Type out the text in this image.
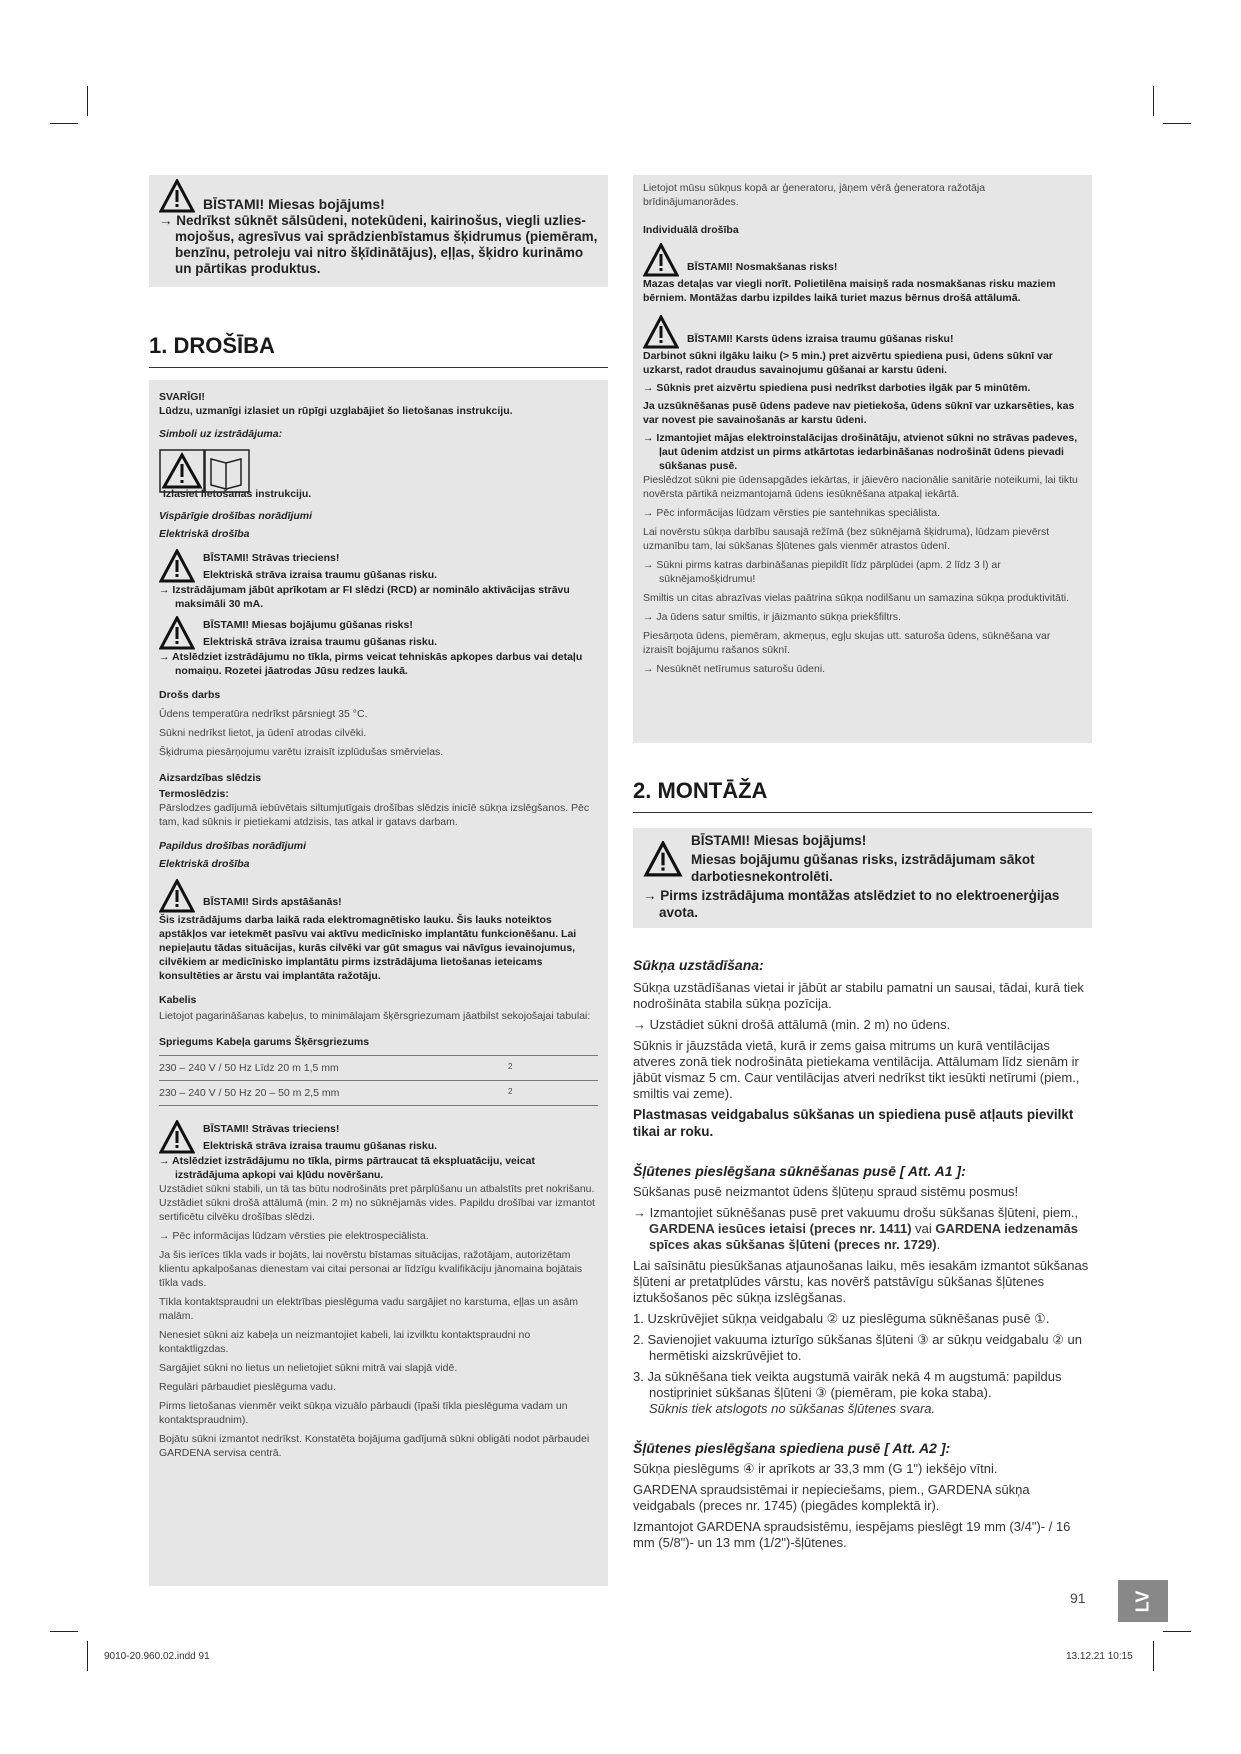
BĪSTAMI! Miesas bojājums!
→ Nedrīkst sūknēt sālsūdeni, notekūdeni, kairinošus, viegli uzliesmojošus, agresīvus vai sprādzienbīstamus šķidrumus (piemēram, benzīnu, petroleju vai nitro šķīdinātājus), eļļas, šķidro kurināmo un pārtikas produktus.
1. DROŠĪBA
SVARĪGI!
Lūdzu, uzmanīgi izlasiet un rūpīgi uzglabājiet šo lietošanas instrukciju.
Simboli uz izstrādājuma:
Izlasiet lietošanas instrukciju.
Vispārīgie drošības norādījumi
Elektriskā drošība
BĪSTAMI! Strāvas trieciens!
Elektriskā strāva izraisa traumu gūšanas risku.
→ Izstrādājumam jābūt aprīkotam ar FI slēdzi (RCD) ar nominālo aktivācijas strāvu maksimāli 30 mA.
BĪSTAMI! Miesas bojājumu gūšanas risks!
Elektriskā strāva izraisa traumu gūšanas risku.
→ Atslēdziet izstrādājumu no tīkla, pirms veicat tehniskās apkopes darbus vai detaļu nomaiņu. Rozetei jāatrodas Jūsu redzes laukā.
Drošs darbs
Ūdens temperatūra nedrīkst pārsniegt 35 °C.
Sūkni nedrīkst lietot, ja ūdenī atrodas cilvēki.
Šķidruma piesārņojumu varētu izraisīt izplūdušas smērvielas.
Aizsardzības slēdzis
Termoslēdzis:
Pārslodzes gadījumā iebūvētais siltumjutīgais drošības slēdzis inicīē sūkņa izslēgšanos. Pēc tam, kad sūknis ir pietiekami atdzisis, tas atkal ir gatavs darbam.
Papildus drošības norādījumi
Elektriskā drošība
BĪSTAMI! Sirds apstāšanās!
Šis izstrādājums darba laikā rada elektromagnētisko lauku. Šis lauks noteiktos apstākļos var ietekmēt pasīvu vai aktīvu medicīnisko implantātu funkcionēšanu. Lai nepieļautu tādas situācijas, kurās cilvēki var gūt smagus vai nāvīgus ievainojumus, cilvēkiem ar medicīnisko implantātu pirms izstrādājuma lietošanas ieteicams konsultēties ar ārstu vai implantāta ražotāju.
Kabelis
Lietojot pagarināšanas kabeļus, to minimālajam šķērsgriezumam jāatbilst sekojošajai tabulai:
Spriegums Kabeļa garums Šķērsgriezums
230 – 240 V / 50 Hz Līdz 20 m 1,5 mm	2
230 – 240 V / 50 Hz 20 – 50 m 2,5 mm	2
BĪSTAMI! Strāvas trieciens!
Elektriskā strāva izraisa traumu gūšanas risku.
→ Atslēdziet izstrādājumu no tīkla, pirms pārtraucat tā ekspluatāciju, veicat izstrādājuma apkopi vai kļūdu novēršanu.
Uzstādiet sūkni stabili, un tā tas būtu nodrošināts pret pārplūšanu un atbalstīts pret nokrišanu. Uzstādiet sūkni drošā attālumā (min. 2 m) no sūknējamās vides. Papildu drošībai var izmantot sertificētu cilvēku drošības slēdzi.
→ Pēc informācijas lūdzam vērsties pie elektrospeciālista.
Ja šis ierīces tīkla vads ir bojāts, lai novērstu bīstamas situācijas, ražotājam, autorizētam klientu apkalpošanas dienestam vai citai personai ar līdzīgu kvalifikāciju jānomaina bojātais tīkla vads.
Tīkla kontaktspraudni un elektrības pieslēguma vadu sargājiet no karstuma, eļļas un asām malām.
Nenesiet sūkni aiz kabeļa un neizmantojiet kabeli, lai izvilktu kontaktspraudni no kontaktligzdas.
Sargājiet sūkni no lietus un nelietojiet sūkni mitrā vai slapjā vidē.
Regulāri pārbaudiet pieslēguma vadu.
Pirms lietošanas vienmēr veikt sūkņa vizuālo pārbaudi (īpaši tīkla pieslēguma vadam un kontaktspraudnim).
Bojātu sūkni izmantot nedrīkst. Konstatēta bojājuma gadījumā sūkni obligāti nodot pārbaudei GARDENA servisa centrā.
Lietojot mūsu sūkņus kopā ar ģeneratoru, jāņem vērā ģeneratora ražotāja brīdinājumanorādes.
Individuālā drošība
BĪSTAMI! Nosmakšanas risks!
Mazas detaļas var viegli norīt. Polietilēna maisiņš rada nosmakšanas risku maziem bērniem. Montāžas darbu izpildes laikā turiet mazus bērnus drošā attālumā.
BĪSTAMI! Karsts ūdens izraisa traumu gūšanas risku!
Darbinot sūkni ilgāku laiku (> 5 min.) pret aizvērtu spiediena pusi, ūdens sūknī var uzkarst, radot draudus savainojumu gūšanai ar karstu ūdeni.
→ Sūknis pret aizvērtu spiediena pusi nedrīkst darboties ilgāk par 5 minūtēm.
Ja uzsūknēšanas pusē ūdens padeve nav pietiekoša, ūdens sūknī var uzkarsēties, kas var novest pie savainošanās ar karstu ūdeni.
→ Izmantojiet mājas elektroinstalācijas drošinātāju, atvienot sūkni no strāvas padeves, ļaut ūdenim atdzist un pirms atkārtotas iedarbināšanas nodrošināt ūdens pievadi sūkšanas pusē.
Pieslēdzot sūkni pie ūdensapgādes iekārtas, ir jāievēro nacionālie sanitārie noteikumi, lai tiktu novērsta pārtikā neizmantojamā ūdens iesūknēšana atpakaļ iekārtā.
→ Pēc informācijas lūdzam vērsties pie santehnikas speciālista.
Lai novērstu sūkņa darbību sausajā režīmā (bez sūknējamā šķidruma), lūdzam pievērst uzmanību tam, lai sūkšanas šļūtenes gals vienmēr atrastos ūdenī.
→ Sūkni pirms katras darbināšanas piepildīt līdz pārplūdei (apm. 2 līdz 3 l) ar sūknējamošķidrumu!
Smiltis un citas abrazīvas vielas paātrina sūkņa nodilšanu un samazina sūkņa produktivitāti.
→ Ja ūdens satur smiltis, ir jāizmanto sūkņa priekšfiltrs.
Piesārņota ūdens, piemēram, akmeņus, egļu skujas utt. saturoša ūdens, sūknēšana var izraisīt bojājumu rašanos sūknī.
→ Nesūknēt netīrumus saturošu ūdeni.
2. MONTĀŽA
BĪSTAMI! Miesas bojājums!
Miesas bojājumu gūšanas risks, izstrādājumam sākot darbotiesnekontrolēti.
→ Pirms izstrādājuma montāžas atslēdziet to no elektroenerģijas avota.
Sūkņa uzstādīšana:
Sūkņa uzstādīšanas vietai ir jābūt ar stabilu pamatni un sausai, tādai, kurā tiek nodrošināta stabila sūkņa pozīcija.
→ Uzstādiet sūkni drošā attālumā (min. 2 m) no ūdens.
Sūknis ir jāuzstāda vietā, kurā ir zems gaisa mitrums un kurā ventilācijas atveres zonā tiek nodrošināta pietiekama ventilācija. Attālumam līdz sienām ir jābūt vismaz 5 cm. Caur ventilācijas atveri nedrīkst tikt iesūkti netīrumi (piem., smiltis vai zeme).
Plastmasas veidgabalus sūkšanas un spiediena pusē atļauts pievilkt tikai ar roku.
Šļūtenes pieslēgšana sūknēšanas pusē [ Att. A1 ]:
Sūkšanas pusē neizmantot ūdens šļūteņu spraud sistēmu posmus!
→ Izmantojiet sūknēšanas pusē pret vakuumu drošu sūkšanas šļūteni, piem., GARDENA iesūces ietaisi (preces nr. 1411) vai GARDENA iedzenamās spīces akas sūkšanas šļūteni (preces nr. 1729).
Lai saīsinātu piesūkšanas atjaunošanas laiku, mēs iesakām izmantot sūkšanas šļūteni ar pretatplūdes vārstu, kas novērš patstāvīgu sūkšanas šļūtenes iztukšošanos pēc sūkņa izslēgšanas.
1. Uzskrūvējiet sūkņa veidgabalu ② uz pieslēguma sūknēšanas pusē ①.
2. Savienojiet vakuuma izturīgo sūkšanas šļūteni ③ ar sūkņu veidgabalu ② un hermētiski aizskrūvējiet to.
3. Ja sūknēšana tiek veikta augstumā vairāk nekā 4 m augstumā: papildus nostipriniet sūkšanas šļūteni ③ (piemēram, pie koka staba).
Sūknis tiek atslogots no sūkšanas šļūtenes svara.
Šļūtenes pieslēgšana spiediena pusē [ Att. A2 ]:
Sūkņa pieslēgums ④ ir aprīkots ar 33,3 mm (G 1") iekšējo vītni.
GARDENA spraudsistēmai ir nepieciešams, piem., GARDENA sūkņa veidgabals (preces nr. 1745) (piegādes komplektā ir).
Izmantojot GARDENA spraudsistēmu, iespējams pieslēgt 19 mm (3/4")- / 16 mm (5/8")- un 13 mm (1/2")-šļūtenes.
91	LV
9010-20.960.02.indd 91	13.12.21 10:15
